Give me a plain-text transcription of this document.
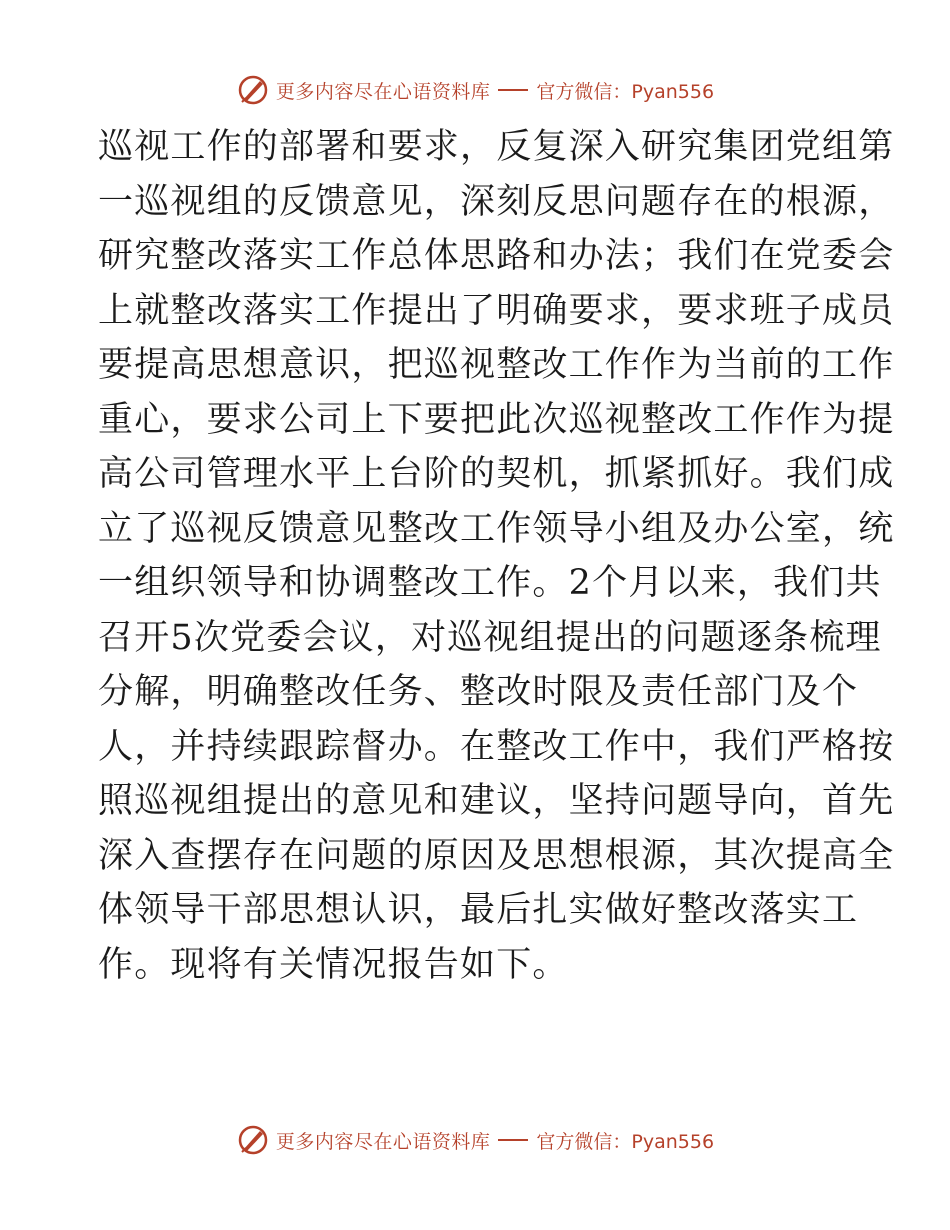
更多内容尽在心语资料库 官方微信：Pyan556
巡视工作的部署和要求，反复深入研究集团党组第
一巡视组的反馈意见，深刻反思问题存在的根源，
研究整改落实工作总体思路和办法；我们在党委会
上就整改落实工作提出了明确要求，要求班子成员
要提高思想意识，把巡视整改工作作为当前的工作
重心，要求公司上下要把此次巡视整改工作作为提
高公司管理水平上台阶的契机，抓紧抓好。我们成
立了巡视反馈意见整改工作领导小组及办公室，统
一组织领导和协调整改工作。2个月以来，我们共
召开5次党委会议，对巡视组提出的问题逐条梳理
分解，明确整改任务、整改时限及责任部门及个
人，并持续跟踪督办。在整改工作中，我们严格按
照巡视组提出的意见和建议，坚持问题导向，首先
深入查摆存在问题的原因及思想根源，其次提高全
体领导干部思想认识，最后扎实做好整改落实工
作。现将有关情况报告如下。
更多内容尽在心语资料库 官方微信：Pyan556
